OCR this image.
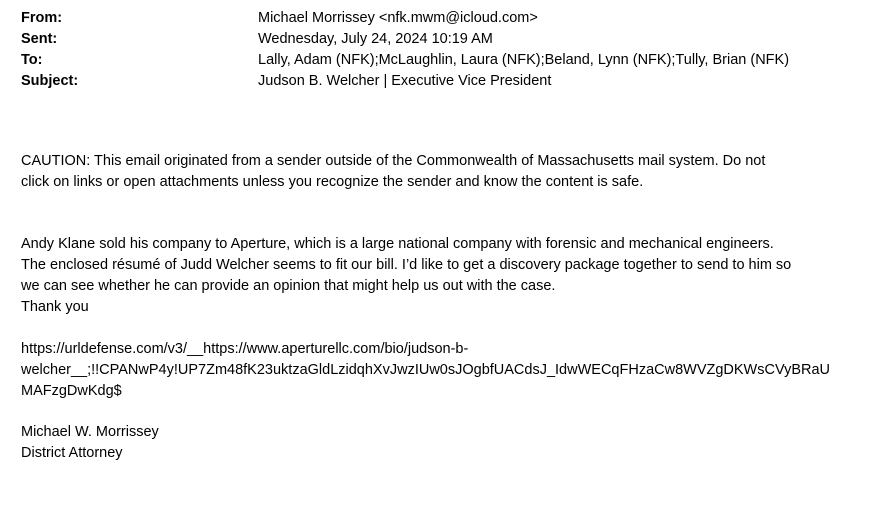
From:	Michael Morrissey <nfk.mwm@icloud.com>
Sent:	Wednesday, July 24, 2024 10:19 AM
To:	Lally, Adam (NFK);McLaughlin, Laura (NFK);Beland, Lynn (NFK);Tully, Brian (NFK)
Subject:	Judson B. Welcher | Executive Vice President
CAUTION: This email originated from a sender outside of the Commonwealth of Massachusetts mail system. Do not
click on links or open attachments unless you recognize the sender and know the content is safe.
Andy Klane sold his company to Aperture, which is a large national company with forensic and mechanical engineers.
The enclosed résumé of Judd Welcher seems to fit our bill. I’d like to get a discovery package together to send to him so
we can see whether he can provide an opinion that might help us out with the case.
Thank you
https://urldefense.com/v3/__https://www.aperturellc.com/bio/judson-b-
welcher__;!!CPANwP4y!UP7Zm48fK23uktzaGldLzidqhXvJwzIUw0sJOgbfUACdsJ_IdwWECqFHzaCw8WVZgDKWsCVyBRaU
MAFzgDwKdg$
Michael W. Morrissey
District Attorney
